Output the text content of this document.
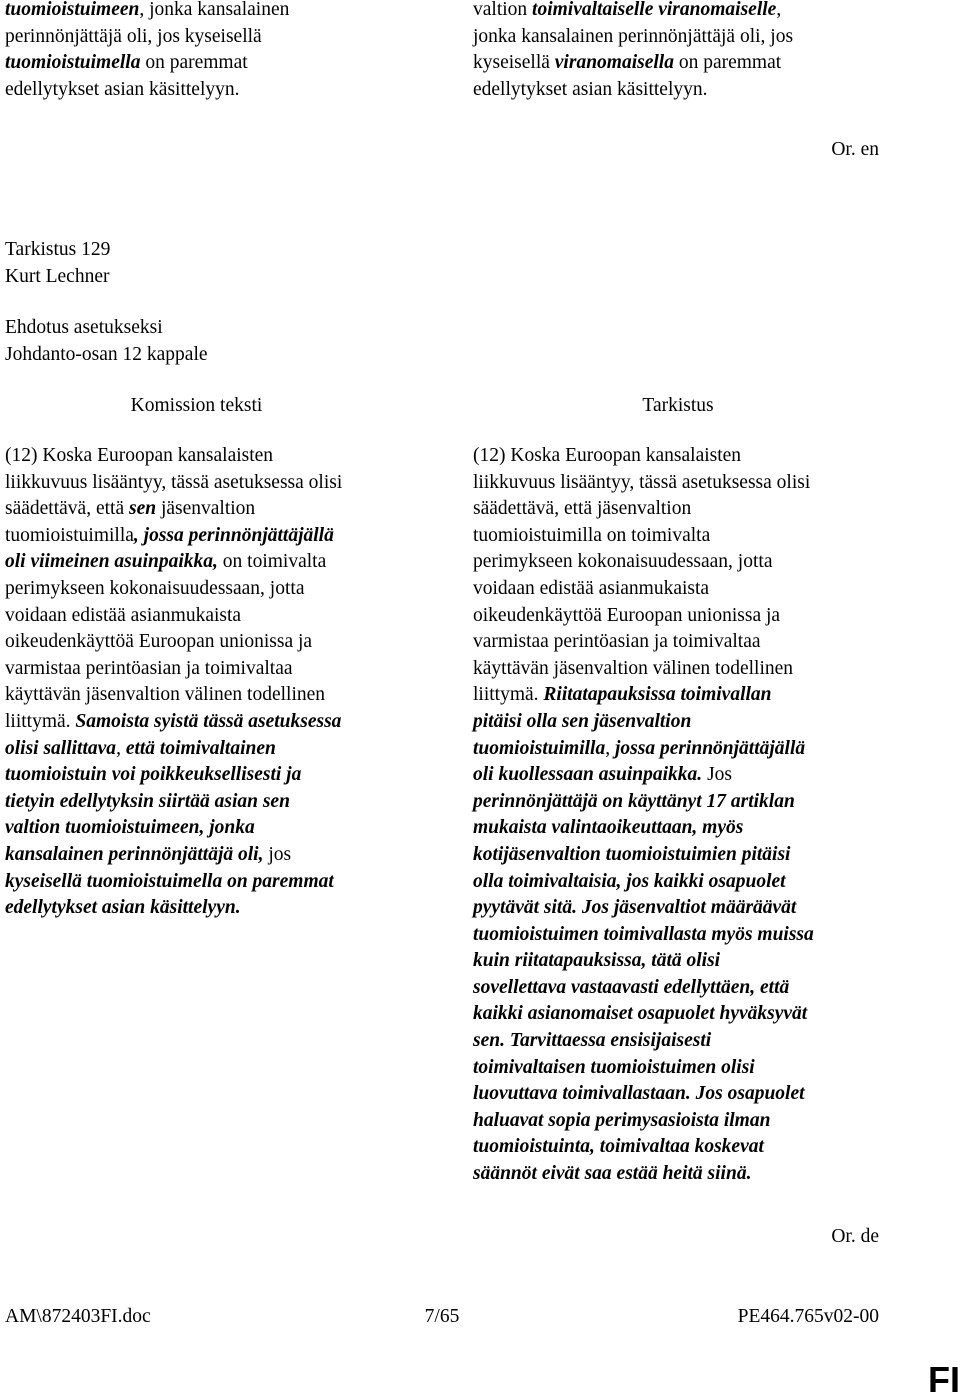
tuomioistuimeen, jonka kansalainen
perinnönjättäjä oli, jos kyseisellä
tuomioistuimella on paremmat
edellytykset asian käsittelyyn.
valtion toimivaltaiselle viranomaiselle,
jonka kansalainen perinnönjättäjä oli, jos
kyseisellä viranomaisella on paremmat
edellytykset asian käsittelyyn.
Or. en
Tarkistus 129
Kurt Lechner
Ehdotus asetukseksi
Johdanto-osan 12 kappale
Komission teksti	Tarkistus
(12) Koska Euroopan kansalaisten
liikkuvuus lisääntyy, tässä asetuksessa olisi
säädettävä, että sen jäsenvaltion
tuomioistuimilla, jossa perinnönjättäjällä
oli viimeinen asuinpaikka, on toimivalta
perimykseen kokonaisuudessaan, jotta
voidaan edistää asianmukaista
oikeudenkäyttöä Euroopan unionissa ja
varmistaa perintöasian ja toimivaltaa
käyttävän jäsenvaltion välinen todellinen
liittymä. Samoista syistä tässä asetuksessa
olisi sallittava, että toimivaltainen
tuomioistuin voi poikkeuksellisesti ja
tietyin edellytyksin siirtää asian sen
valtion tuomioistuimeen, jonka
kansalainen perinnönjättäjä oli, jos
kyseisellä tuomioistuimella on paremmat
edellytykset asian käsittelyyn.
(12) Koska Euroopan kansalaisten
liikkuvuus lisääntyy, tässä asetuksessa olisi
säädettävä, että jäsenvaltion
tuomioistuimilla on toimivalta
perimykseen kokonaisuudessaan, jotta
voidaan edistää asianmukaista
oikeudenkäyttöä Euroopan unionissa ja
varmistaa perintöasian ja toimivaltaa
käyttävän jäsenvaltion välinen todellinen
liittymä. Riitatapauksissa toimivallan
pitäisi olla sen jäsenvaltion
tuomioistuimilla, jossa perinnönjättäjällä
oli kuollessaan asuinpaikka. Jos
perinnönjättäjä on käyttänyt 17 artiklan
mukaista valintaoikeuttaan, myös
kotijäsenvaltion tuomioistuimien pitäisi
olla toimivaltaisia, jos kaikki osapuolet
pyytävät sitä. Jos jäsenvaltiot määräävät
tuomioistuimen toimivallasta myös muissa
kuin riitatapauksissa, tätä olisi
sovellettava vastaavasti edellyttäen, että
kaikki asianomaiset osapuolet hyväksyvät
sen. Tarvittaessa ensisijaisesti
toimivaltaisen tuomioistuimen olisi
luovuttava toimivallastaan. Jos osapuolet
haluavat sopia perimysasioista ilman
tuomioistuinta, toimivaltaa koskevat
säännöt eivät saa estää heitä siinä.
Or. de
AM\872403FI.doc	7/65	PE464.765v02-00
FI
